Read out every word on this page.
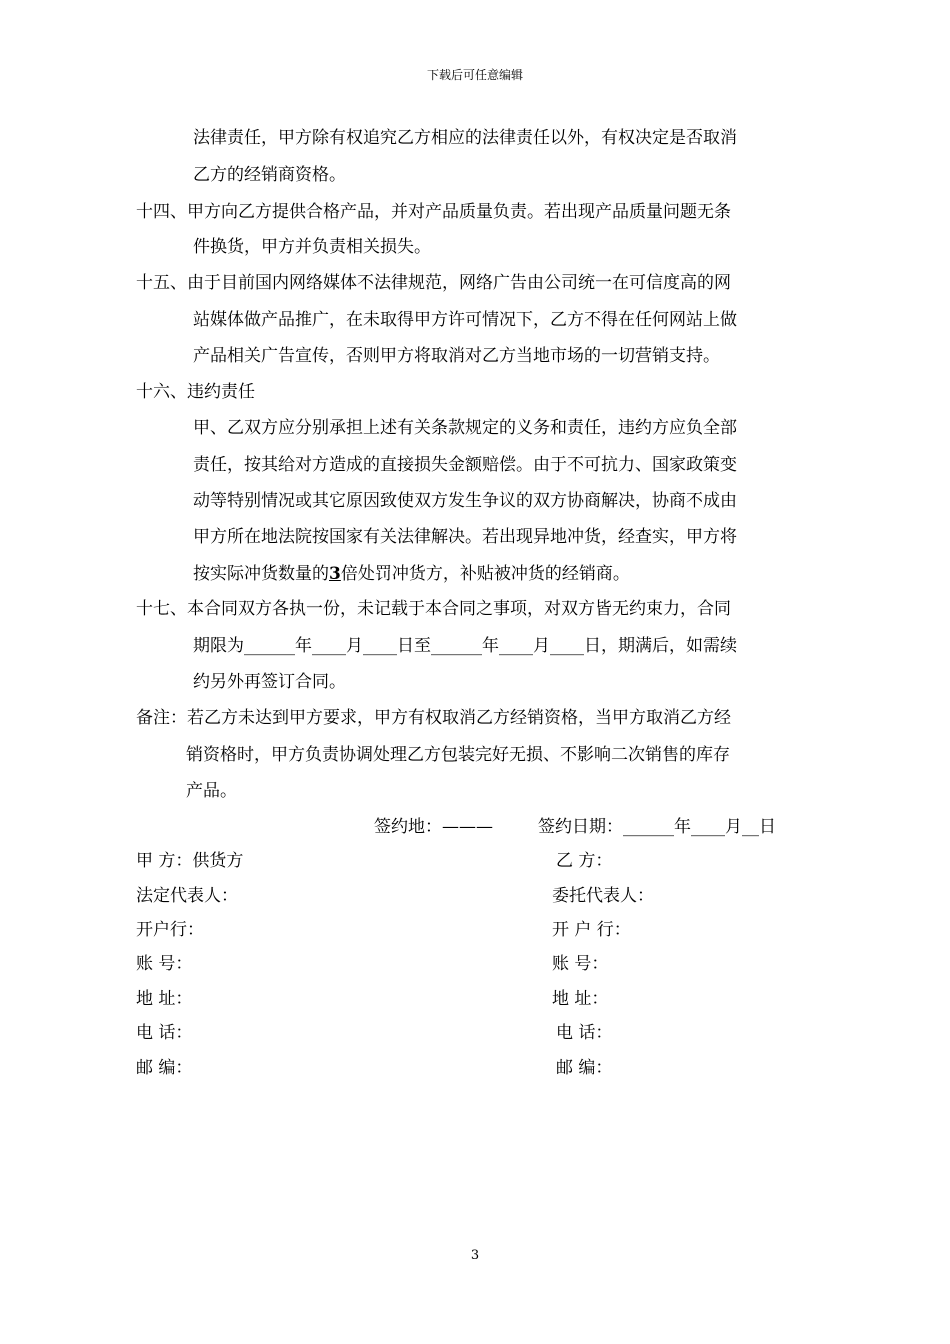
下载后可任意编辑
法律责任，甲方除有权追究乙方相应的法律责任以外，有权决定是否取消
乙方的经销商资格。
十四、甲方向乙方提供合格产品，并对产品质量负责。若出现产品质量问题无条
件换货，甲方并负责相关损失。
十五、由于目前国内网络媒体不法律规范，网络广告由公司统一在可信度高的网
站媒体做产品推广，在未取得甲方许可情况下，乙方不得在任何网站上做
产品相关广告宣传，否则甲方将取消对乙方当地市场的一切营销支持。
十六、违约责任
甲、乙双方应分别承担上述有关条款规定的义务和责任，违约方应负全部
责任，按其给对方造成的直接损失金额赔偿。由于不可抗力、国家政策变
动等特别情况或其它原因致使双方发生争议的双方协商解决，协商不成由
甲方所在地法院按国家有关法律解决。若出现异地冲货，经查实，甲方将
按实际冲货数量的3倍处罚冲货方，补贴被冲货的经销商。
十七、本合同双方各执一份，未记载于本合同之事项，对双方皆无约束力，合同
期限为______年____月____日至______年____月____日，期满后，如需续
约另外再签订合同。
备注：若乙方未达到甲方要求，甲方有权取消乙方经销资格，当甲方取消乙方经
销资格时，甲方负责协调处理乙方包装完好无损、不影响二次销售的库存
产品。
签约地：———	签约日期：______年____月__日
甲 方：供货方
法定代表人：
开户行：
账 号：
地 址：
电 话：
邮 编：
乙 方：
委托代表人：
开 户 行：
账 号：
地 址：
电 话：
邮 编：
3
